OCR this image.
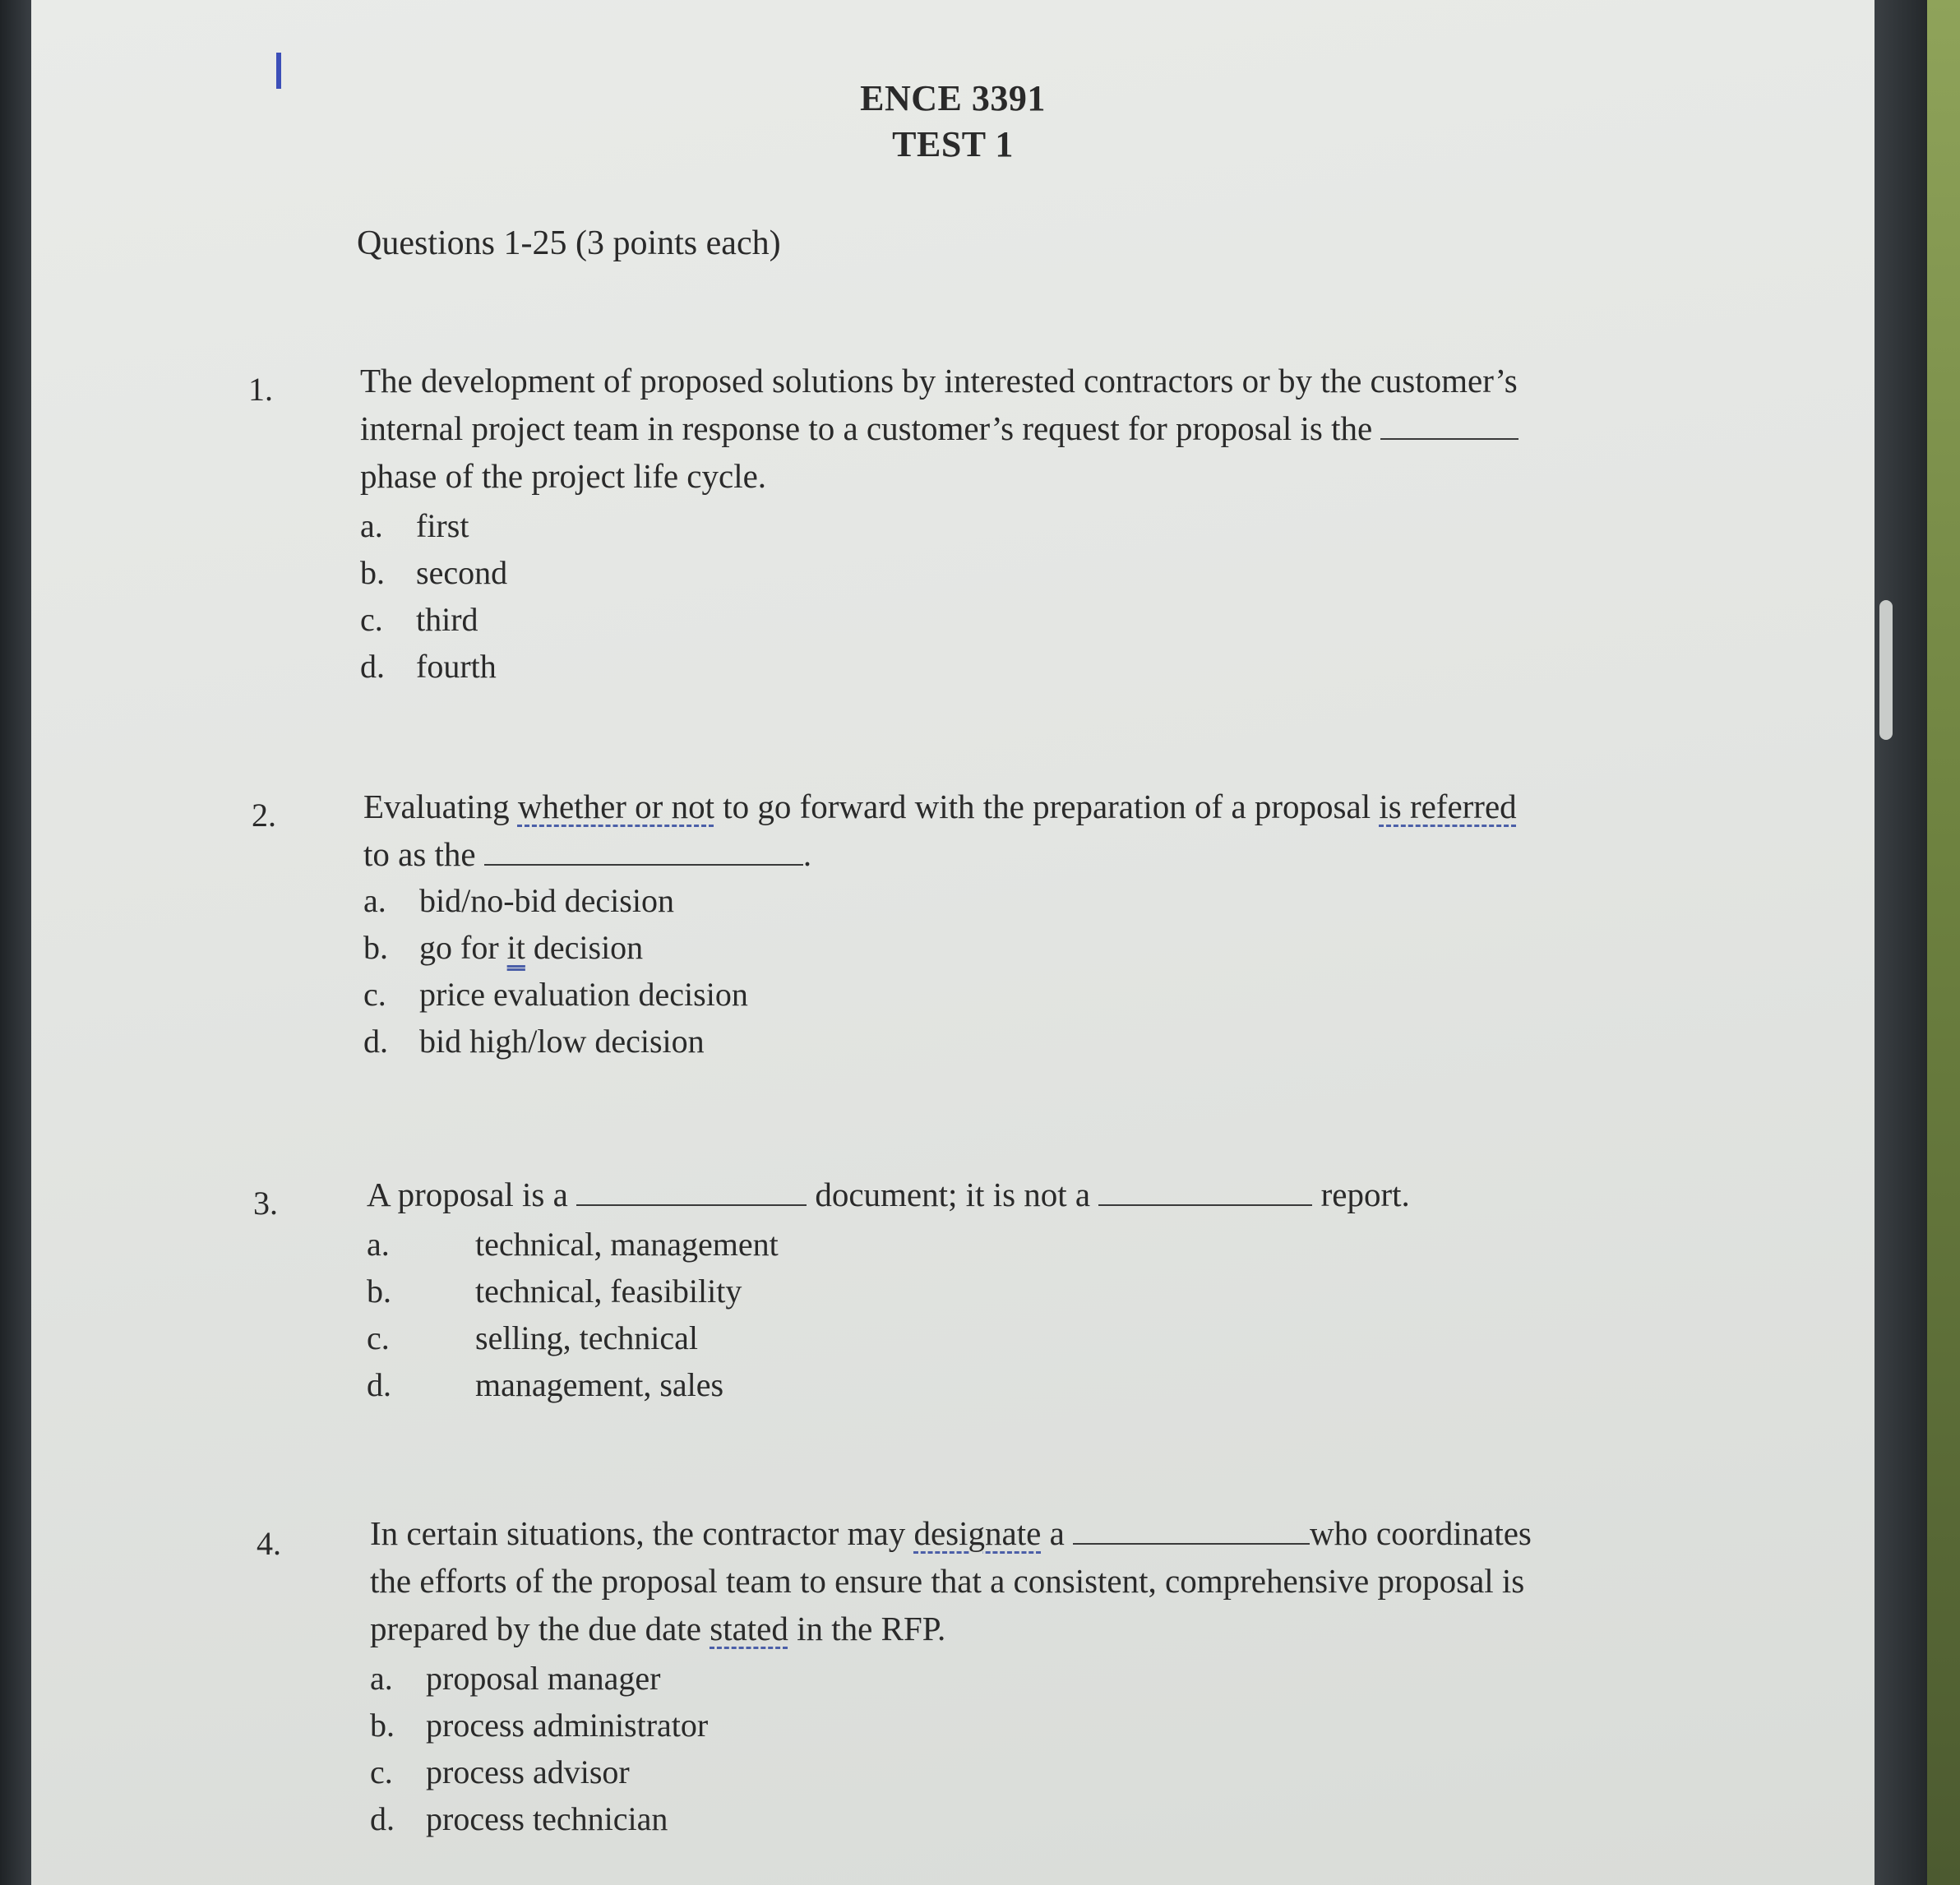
ENCE 3391
TEST 1
Questions 1-25 (3 points each)
1.	The development of proposed solutions by interested contractors or by the customer’s
internal project team in response to a customer’s request for proposal is the
phase of the project life cycle.
a. first
b. second
c. third
d. fourth
2.	Evaluating whether or not to go forward with the preparation of a proposal is referred
to as the	.
a. bid/no-bid decision
b. go for it decision
c. price evaluation decision
d. bid high/low decision
3.	A proposal is a	document; it is not a	report.
a.	technical, management
b.	technical, feasibility
c.	selling, technical
d.	management, sales
4.	In certain situations, the contractor may designate a	who coordinates
the efforts of the proposal team to ensure that a consistent, comprehensive proposal is
prepared by the due date stated in the RFP.
a. proposal manager
b. process administrator
c. process advisor
d. process technician
